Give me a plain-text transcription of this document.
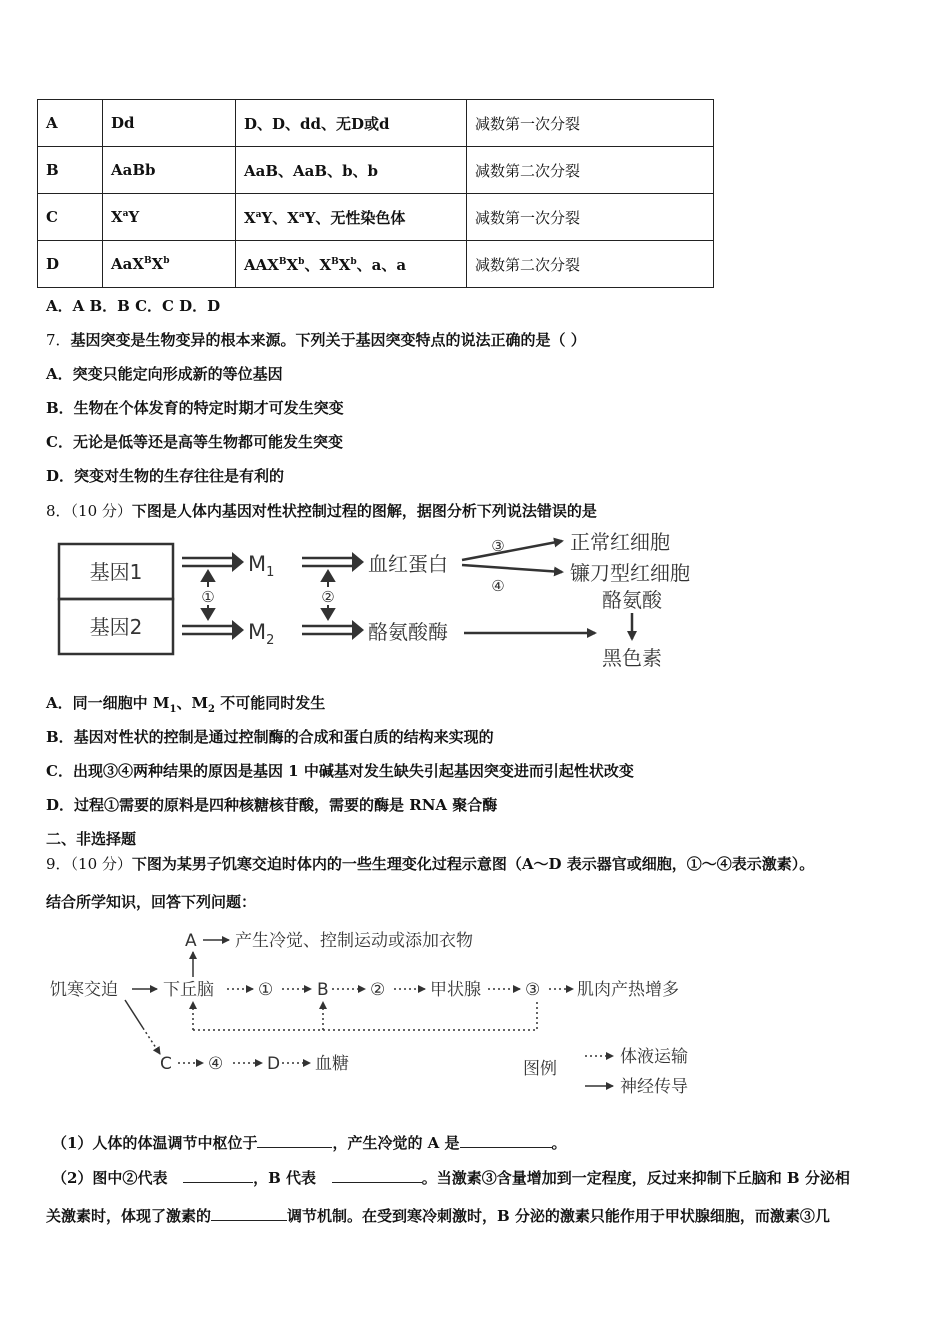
A	Dd	D、D、dd、无D或d	减数第一次分裂
B	AaBb	AaB、AaB、b、b	减数第二次分裂
C	$X^aY$	$X^aY$、$X^aY$、无性染色体	减数第一次分裂
D	$AaX^BX^b$	$AAX^BX^b$、$X^BX^b$、a、a	减数第二次分裂
A．A B．B C．C D．D
7．基因突变是生物变异的根本来源。下列关于基因突变特点的说法正确的是（ ）
A．突变只能定向形成新的等位基因
B．生物在个体发育的特定时期才可发生突变
C．无论是低等还是高等生物都可能发生突变
D．突变对生物的生存往往是有利的
8．（10 分）下图是人体内基因对性状控制过程的图解，据图分析下列说法错误的是
基因1
基因2
$M_1$
$M_2$
①	②
血红蛋白
酪氨酸酶
③
④
正常红细胞
镰刀型红细胞
酪氨酸
黑色素
A．同一细胞中 $M_1$、$M_2$ 不可能同时发生
B．基因对性状的控制是通过控制酶的合成和蛋白质的结构来实现的
C．出现③④两种结果的原因是基因 1 中碱基对发生缺失引起基因突变进而引起性状改变
D．过程①需要的原料是四种核糖核苷酸，需要的酶是 RNA 聚合酶
二、非选择题
9．（10 分）下图为某男子饥寒交迫时体内的一些生理变化过程示意图（A～D 表示器官或细胞，①～④表示激素）。
结合所学知识，回答下列问题：
A 产生冷觉、控制运动或添加衣物
饥寒交迫	下丘脑	①	B ②	甲状腺	③ 肌肉产热增多
C ④	D 血糖	图例
体液运输
神经传导
（1）人体的体温调节中枢位于	，产生冷觉的 A 是	。
（2）图中②代表	，B 代表	。当激素③含量增加到一定程度，反过来抑制下丘脑和 B 分泌相
关激素时，体现了激素的	调节机制。在受到寒冷刺激时，B 分泌的激素只能作用于甲状腺细胞，而激素③几
